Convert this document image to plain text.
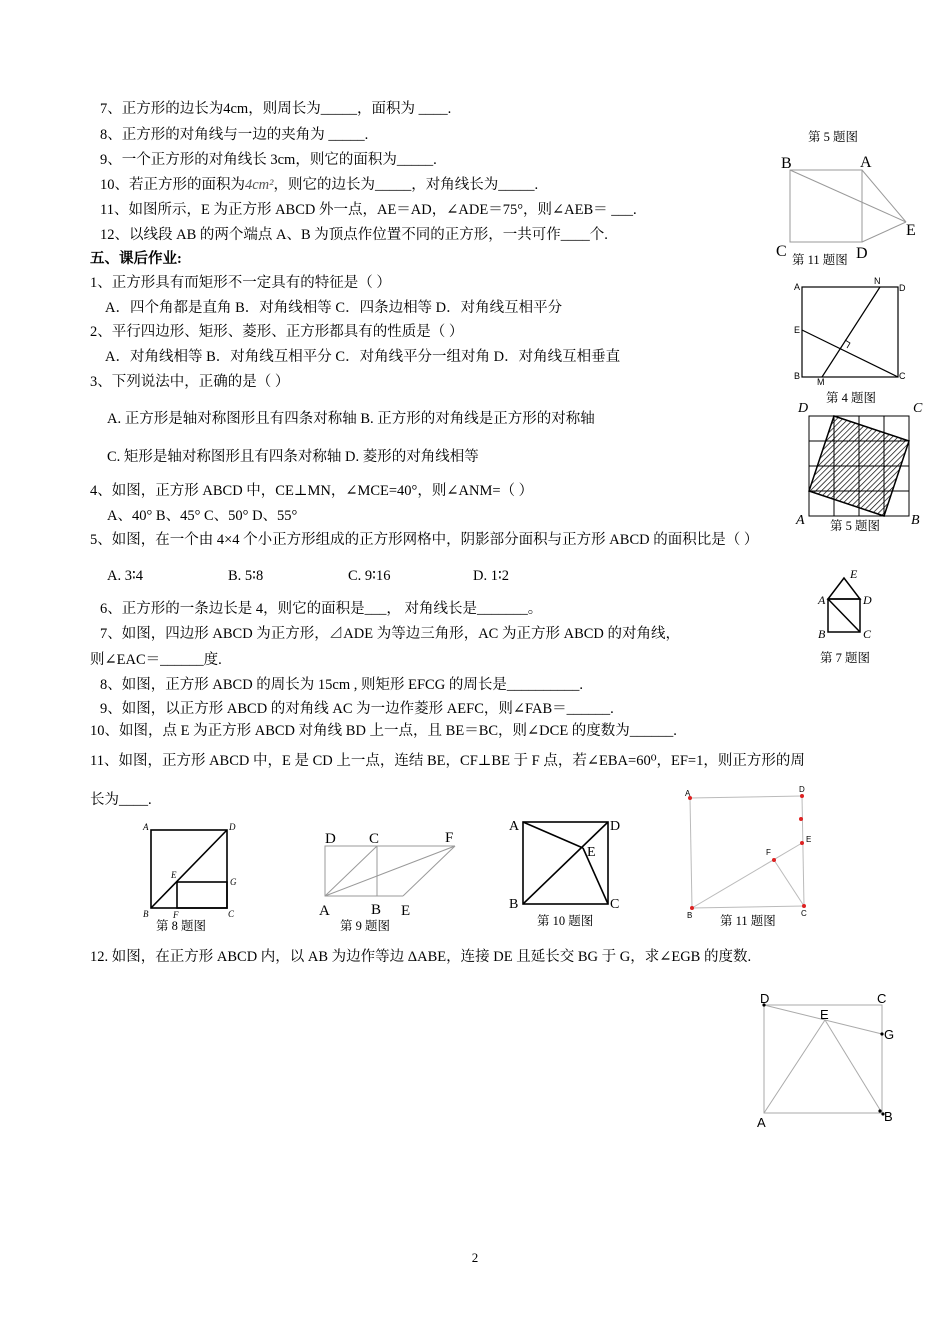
7、正方形的边长为4cm，则周长为_____，面积为 ____.
8、正方形的对角线与一边的夹角为 _____.
9、一个正方形的对角线长 3cm，则它的面积为_____.
10、若正方形的面积为4cm²，则它的边长为_____，对角线长为_____.
11、如图所示，E 为正方形 ABCD 外一点，AE＝AD，∠ADE＝75°，则∠AEB＝ ___.
12、以线段 AB 的两个端点 A、B 为顶点作位置不同的正方形，一共可作____个.
五、课后作业:
1、正方形具有而矩形不一定具有的特征是（ ）
A．四个角都是直角 B．对角线相等 C．四条边相等 D．对角线互相平分
2、平行四边形、矩形、菱形、正方形都具有的性质是（ ）
A．对角线相等 B．对角线互相平分 C．对角线平分一组对角 D．对角线互相垂直
3、下列说法中，正确的是（ ）
A. 正方形是轴对称图形且有四条对称轴 B. 正方形的对角线是正方形的对称轴
C. 矩形是轴对称图形且有四条对称轴 D. 菱形的对角线相等
4、如图，正方形 ABCD 中，CE⊥MN，∠MCE=40°，则∠ANM=（ ）
A、40° B、45° C、50° D、55°
5、如图，在一个由 4×4 个小正方形组成的正方形网格中，阴影部分面积与正方形 ABCD 的面积比是（ ）
A. 3∶4	B. 5∶8	C. 9∶16	D. 1∶2
6、正方形的一条边长是 4，则它的面积是___， 对角线长是_______。
7、如图，四边形 ABCD 为正方形，⊿ADE 为等边三角形，AC 为正方形 ABCD 的对角线，
则∠EAC＝______度.
8、如图，正方形 ABCD 的周长为 15cm , 则矩形 EFCG 的周长是__________.
9、如图，以正方形 ABCD 的对角线 AC 为一边作菱形 AEFC，则∠FAB＝______.
10、如图，点 E 为正方形 ABCD 对角线 BD 上一点，且 BE＝BC，则∠DCE 的度数为______.
11、如图，正方形 ABCD 中，E 是 CD 上一点，连结 BE，CF⊥BE 于 F 点，若∠EBA=60⁰，EF=1，则正方形的周
长为____.
12. 如图，在正方形 ABCD 内，以 AB 为边作等边 ΔABE，连接 DE 且延长交 BG 于 G，求∠EGB 的度数.
第 5 题图
第 11 题图
第 4 题图
第 5 题图
第 7 题图
第 8 题图	第 9 题图	第 10 题图	第 11 题图
B	A
C	D
E
A
N
D
E
B
M
C
D	C
A	B
E
A	D
B	C
A	D
E
G
B	F	C
D C	F
A	B E
A	D
E
B	C
A	D
F
E
B	C
D	C
E
G
A	B
2
